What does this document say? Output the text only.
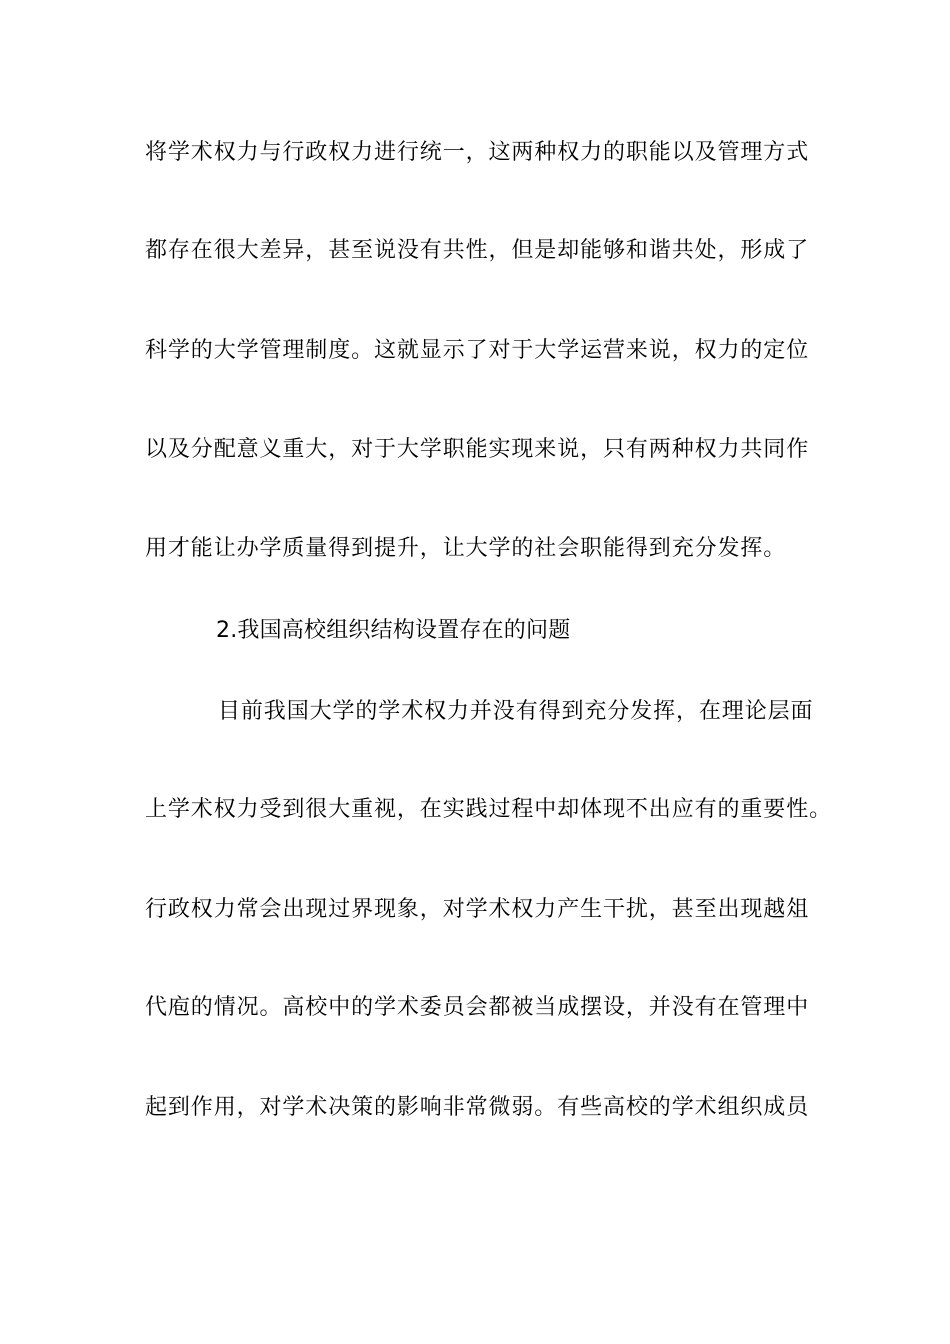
将学术权力与行政权力进行统一，这两种权力的职能以及管理方式
都存在很大差异，甚至说没有共性，但是却能够和谐共处，形成了
科学的大学管理制度。这就显示了对于大学运营来说，权力的定位
以及分配意义重大，对于大学职能实现来说，只有两种权力共同作
用才能让办学质量得到提升，让大学的社会职能得到充分发挥。
2.我国高校组织结构设置存在的问题
目前我国大学的学术权力并没有得到充分发挥，在理论层面
上学术权力受到很大重视，在实践过程中却体现不出应有的重要性。
行政权力常会出现过界现象，对学术权力产生干扰，甚至出现越俎
代庖的情况。高校中的学术委员会都被当成摆设，并没有在管理中
起到作用，对学术决策的影响非常微弱。有些高校的学术组织成员
